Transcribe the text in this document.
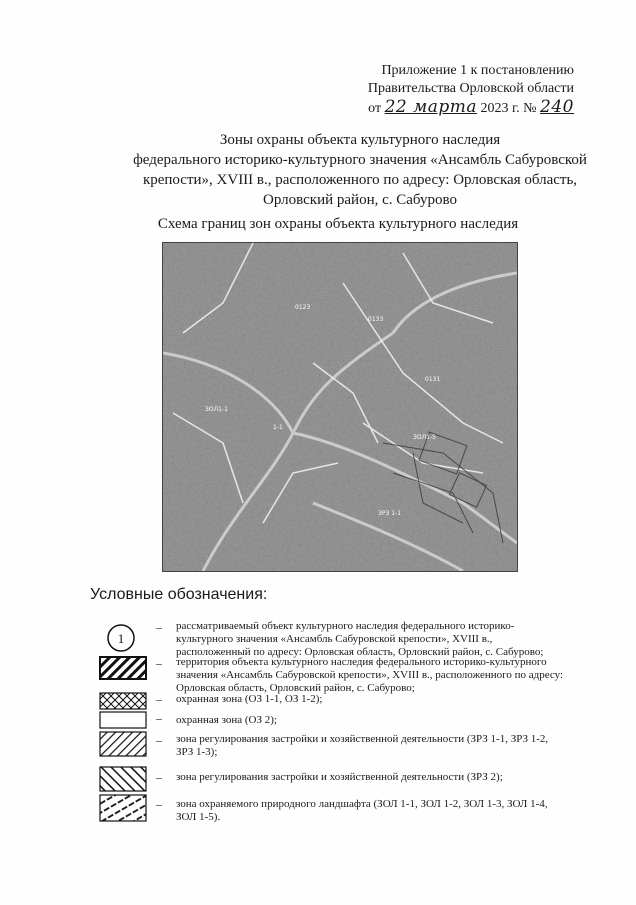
Приложение 1 к постановлению
Правительства Орловской области
от 22 марта 2023 г. № 240
Зоны охраны объекта культурного наследия
федерального историко-культурного значения «Ансамбль Сабуровской
крепости», XVIII в., расположенного по адресу: Орловская область,
Орловский район, с. Сабурово
Схема границ зон охраны объекта культурного наследия
0123
0133
0131
ЗОЛ1-1
1-1
ЗОЛ1-5
ЗРЗ 1-1
Условные обозначения:
1
– рассматриваемый объект культурного наследия федерального историко-
культурного значения «Ансамбль Сабуровской крепости», XVIII в.,
расположенный по адресу: Орловская область, Орловский район, с. Сабурово;
– территория объекта культурного наследия федерального историко-культурного
значения «Ансамбль Сабуровской крепости», XVIII в., расположенного по адресу:
Орловская область, Орловский район, с. Сабурово;
– охранная зона (ОЗ 1-1, ОЗ 1-2);
– охранная зона (ОЗ 2);
– зона регулирования застройки и хозяйственной деятельности (ЗРЗ 1-1, ЗРЗ 1-2,
ЗРЗ 1-3);
– зона регулирования застройки и хозяйственной деятельности (ЗРЗ 2);
– зона охраняемого природного ландшафта (ЗОЛ 1-1, ЗОЛ 1-2, ЗОЛ 1-3, ЗОЛ 1-4,
ЗОЛ 1-5).
